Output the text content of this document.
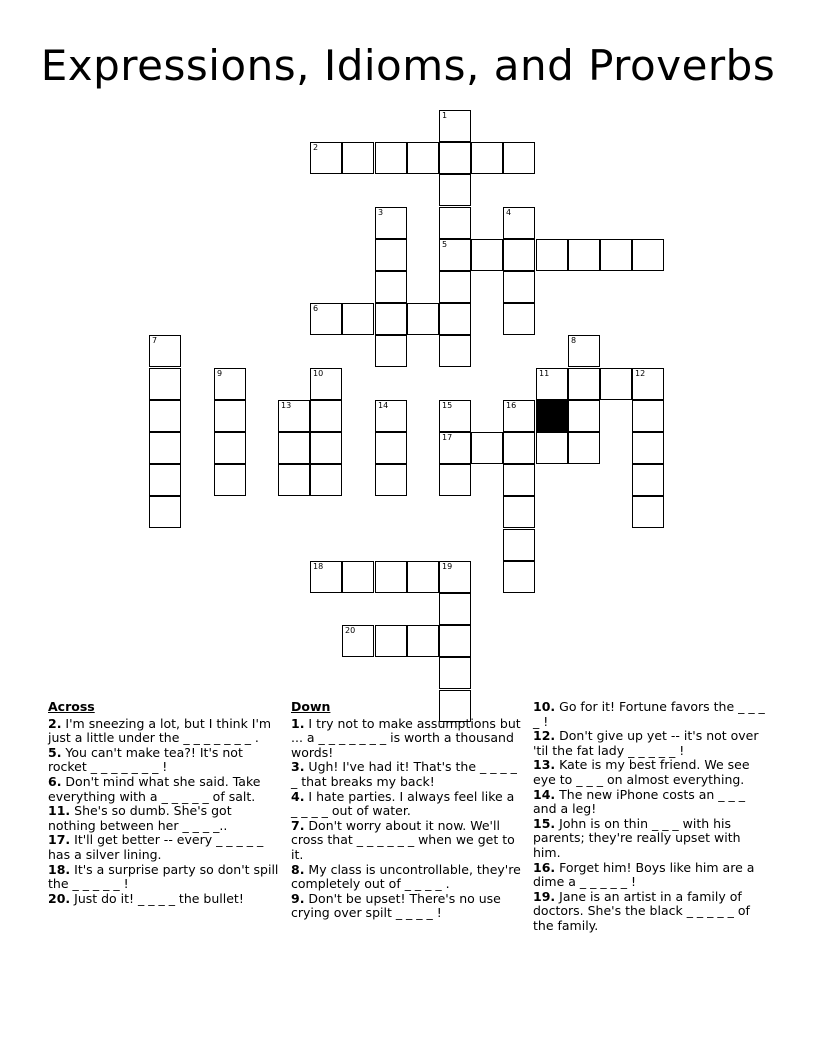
Expressions, Idioms, and Proverbs
1
2
3	4
5
6
7	8
9	10	11	12
13	14	15	16
17
18	19
20
Across
2. I'm sneezing a lot, but I think I'm just a little under the _ _ _ _ _ _ _ .
5. You can't make tea?! It's not rocket _ _ _ _ _ _ _ !
6. Don't mind what she said. Take everything with a _ _ _ _ _ of salt.
11. She's so dumb. She's got nothing between her _ _ _ _..
17. It'll get better -- every _ _ _ _ _ has a silver lining.
18. It's a surprise party so don't spill the _ _ _ _ _ !
20. Just do it! _ _ _ _ the bullet!
Down
1. I try not to make assumptions but ... a _ _ _ _ _ _ _ is worth a thousand words!
3. Ugh! I've had it! That's the _ _ _ _ _ that breaks my back!
4. I hate parties. I always feel like a _ _ _ _ out of water.
7. Don't worry about it now. We'll cross that _ _ _ _ _ _ when we get to it.
8. My class is uncontrollable, they're completely out of _ _ _ _ .
9. Don't be upset! There's no use crying over spilt _ _ _ _ !
10. Go for it! Fortune favors the _ _ _ _ !
12. Don't give up yet -- it's not over 'til the fat lady _ _ _ _ _ !
13. Kate is my best friend. We see eye to _ _ _ on almost everything.
14. The new iPhone costs an _ _ _ and a leg!
15. John is on thin _ _ _ with his parents; they're really upset with him.
16. Forget him! Boys like him are a dime a _ _ _ _ _ !
19. Jane is an artist in a family of doctors. She's the black _ _ _ _ _ of the family.
